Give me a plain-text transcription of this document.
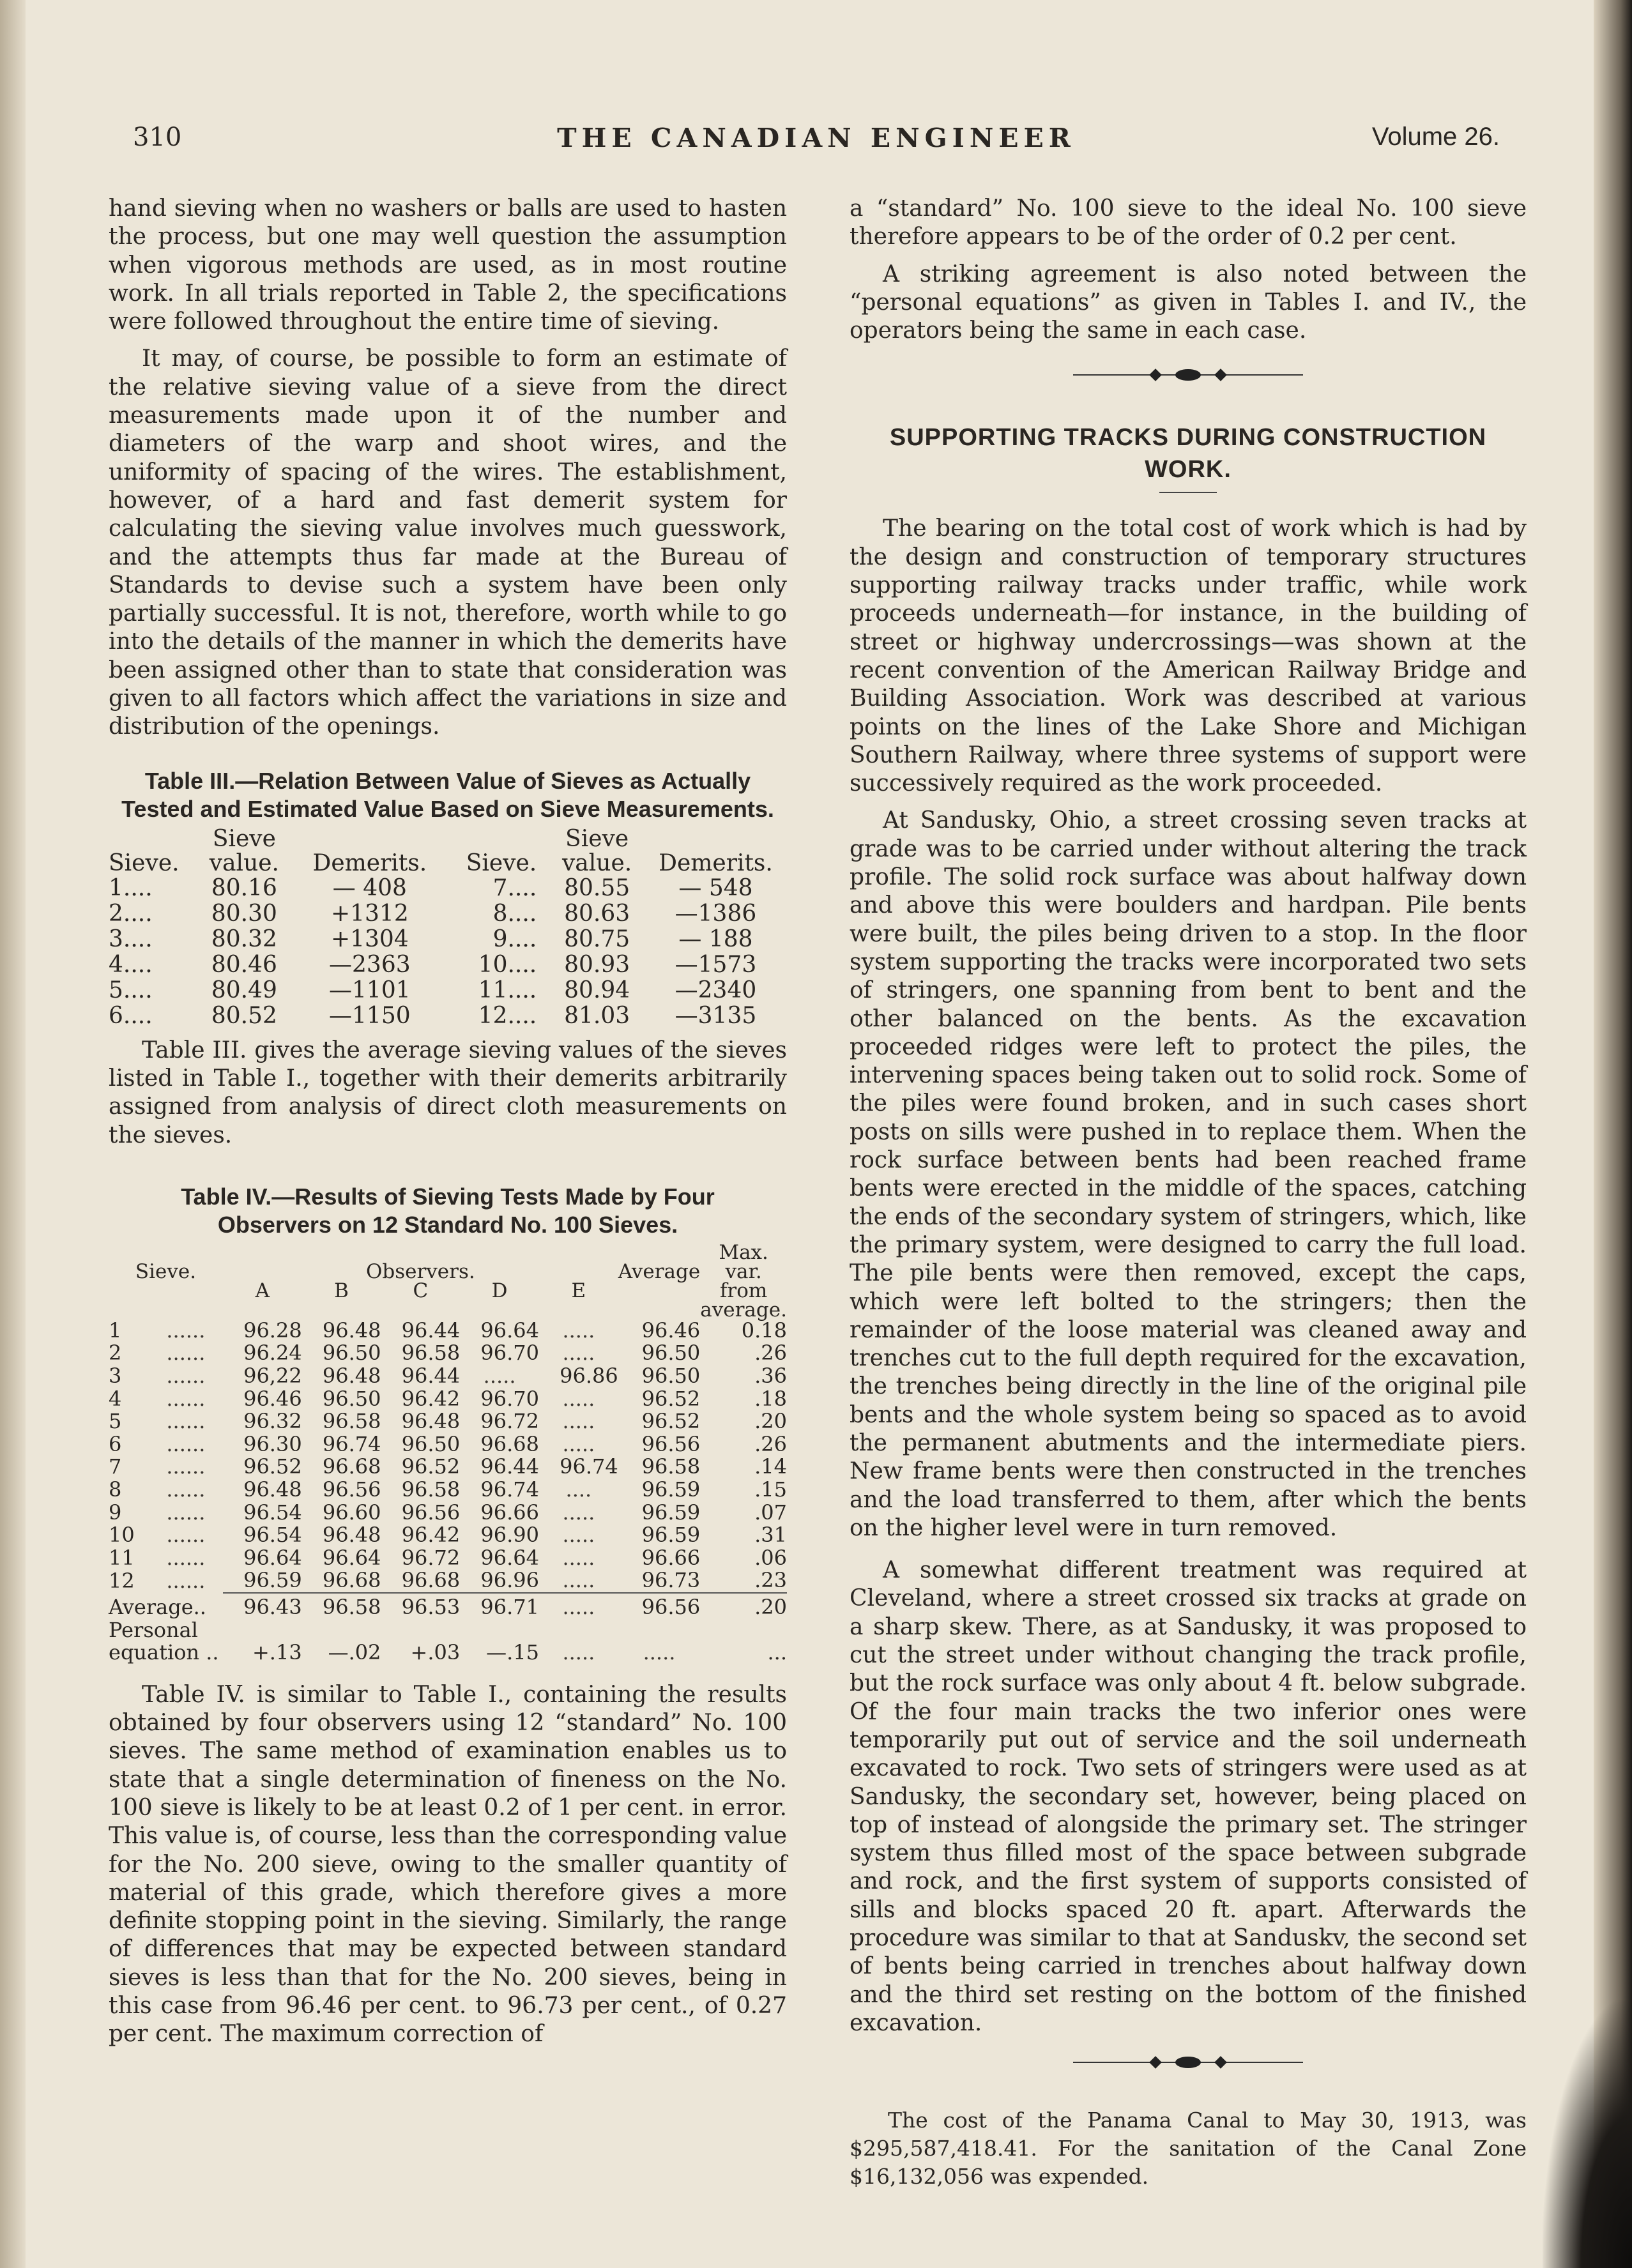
310	THE CANADIAN ENGINEER	Volume 26.

hand sieving when no washers or balls are used to hasten the process, but one may well question the assumption when vigorous methods are used, as in most routine work. In all trials reported in Table 2, the specifications were followed throughout the entire time of sieving.

It may, of course, be possible to form an estimate of the relative sieving value of a sieve from the direct measurements made upon it of the number and diameters of the warp and shoot wires, and the uniformity of spacing of the wires. The establishment, however, of a hard and fast demerit system for calculating the sieving value involves much guesswork, and the attempts thus far made at the Bureau of Standards to devise such a system have been only partially successful. It is not, therefore, worth while to go into the details of the manner in which the demerits have been assigned other than to state that consideration was given to all factors which affect the variations in size and distribution of the openings.

Table III.—Relation Between Value of Sieves as Actually Tested and Estimated Value Based on Sieve Measurements.
	Sieve			Sieve	
Sieve.	value.	Demerits.	Sieve.	value.	Demerits.
1....	80.16	— 408	7....	80.55	— 548
2....	80.30	+1312	8....	80.63	—1386
3....	80.32	+1304	9....	80.75	— 188
4....	80.46	—2363	10....	80.93	—1573
5....	80.49	—1101	11....	80.94	—2340
6....	80.52	—1150	12....	81.03	—3135

Table III. gives the average sieving values of the sieves listed in Table I., together with their demerits arbitrarily assigned from analysis of direct cloth measurements on the sieves.

Table IV.—Results of Sieving Tests Made by Four Observers on 12 Standard No. 100 Sieves.
								Max.
Sieve.			Observers.				Average	var.
		A	B	C	D	E		from
								average.
1	......	96.28	96.48	96.44	96.64	.....	96.46	0.18
2	......	96.24	96.50	96.58	96.70	.....	96.50	.26
3	......	96,22	96.48	96.44	.....	96.86	96.50	.36
4	......	96.46	96.50	96.42	96.70	.....	96.52	.18
5	......	96.32	96.58	96.48	96.72	.....	96.52	.20
6	......	96.30	96.74	96.50	96.68	.....	96.56	.26
7	......	96.52	96.68	96.52	96.44	96.74	96.58	.14
8	......	96.48	96.56	96.58	96.74	....	96.59	.15
9	......	96.54	96.60	96.56	96.66	.....	96.59	.07
10	......	96.54	96.48	96.42	96.90	.....	96.59	.31
11	......	96.64	96.64	96.72	96.64	.....	96.66	.06
12	......	96.59	96.68	96.68	96.96	.....	96.73	.23

Average..		96.43	96.58	96.53	96.71	.....	96.56	.20
Personal								
equation ..		+.13	—.02	+.03	—.15	.....	.....	...

Table IV. is similar to Table I., containing the results obtained by four observers using 12 “standard” No. 100 sieves. The same method of examination enables us to state that a single determination of fineness on the No. 100 sieve is likely to be at least 0.2 of 1 per cent. in error. This value is, of course, less than the corresponding value for the No. 200 sieve, owing to the smaller quantity of material of this grade, which therefore gives a more definite stopping point in the sieving. Similarly, the range of differences that may be expected between standard sieves is less than that for the No. 200 sieves, being in this case from 96.46 per cent. to 96.73 per cent., of 0.27 per cent. The maximum correction of

a “standard” No. 100 sieve to the ideal No. 100 sieve therefore appears to be of the order of 0.2 per cent.

A striking agreement is also noted between the “personal equations” as given in Tables I. and IV., the operators being the same in each case.

SUPPORTING TRACKS DURING CONSTRUCTION WORK.

The bearing on the total cost of work which is had by the design and construction of temporary structures supporting railway tracks under traffic, while work proceeds underneath—for instance, in the building of street or highway undercrossings—was shown at the recent convention of the American Railway Bridge and Building Association. Work was described at various points on the lines of the Lake Shore and Michigan Southern Railway, where three systems of support were successively required as the work proceeded.

At Sandusky, Ohio, a street crossing seven tracks at grade was to be carried under without altering the track profile. The solid rock surface was about halfway down and above this were boulders and hardpan. Pile bents were built, the piles being driven to a stop. In the floor system supporting the tracks were incorporated two sets of stringers, one spanning from bent to bent and the other balanced on the bents. As the excavation proceeded ridges were left to protect the piles, the intervening spaces being taken out to solid rock. Some of the piles were found broken, and in such cases short posts on sills were pushed in to replace them. When the rock surface between bents had been reached frame bents were erected in the middle of the spaces, catching the ends of the secondary system of stringers, which, like the primary system, were designed to carry the full load. The pile bents were then removed, except the caps, which were left bolted to the stringers; then the remainder of the loose material was cleaned away and trenches cut to the full depth required for the excavation, the trenches being directly in the line of the original pile bents and the whole system being so spaced as to avoid the permanent abutments and the intermediate piers. New frame bents were then constructed in the trenches and the load transferred to them, after which the bents on the higher level were in turn removed.

A somewhat different treatment was required at Cleveland, where a street crossed six tracks at grade on a sharp skew. There, as at Sandusky, it was proposed to cut the street under without changing the track profile, but the rock surface was only about 4 ft. below subgrade. Of the four main tracks the two inferior ones were temporarily put out of service and the soil underneath excavated to rock. Two sets of stringers were used as at Sandusky, the secondary set, however, being placed on top of instead of alongside the primary set. The stringer system thus filled most of the space between subgrade and rock, and the first system of supports consisted of sills and blocks spaced 20 ft. apart. Afterwards the procedure was similar to that at Sanduskv, the second set of bents being carried in trenches about halfway down and the third set resting on the bottom of the finished excavation.

The cost of the Panama Canal to May 30, 1913, was $295,587,418.41. For the sanitation of the Canal Zone $16,132,056 was expended.
